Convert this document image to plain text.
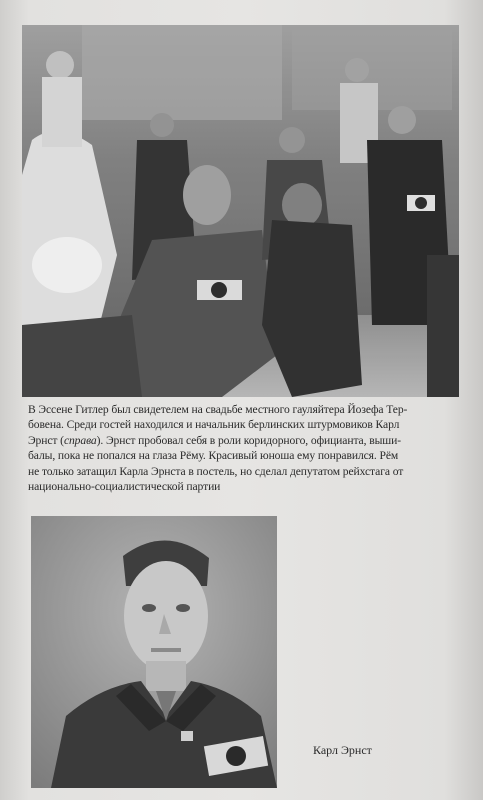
В Эссене Гитлер был свидетелем на свадьбе местного гауляйтера Йозефа Тер-
бовена. Среди гостей находился и начальник берлинских штурмовиков Карл
Эрнст (справа). Эрнст пробовал себя в роли коридорного, официанта, выши-
балы, пока не попался на глаза Рёму. Красивый юноша ему понравился. Рём
не только затащил Карла Эрнста в постель, но сделал депутатом рейхстага от
национально-социалистической партии

Карл Эрнст
